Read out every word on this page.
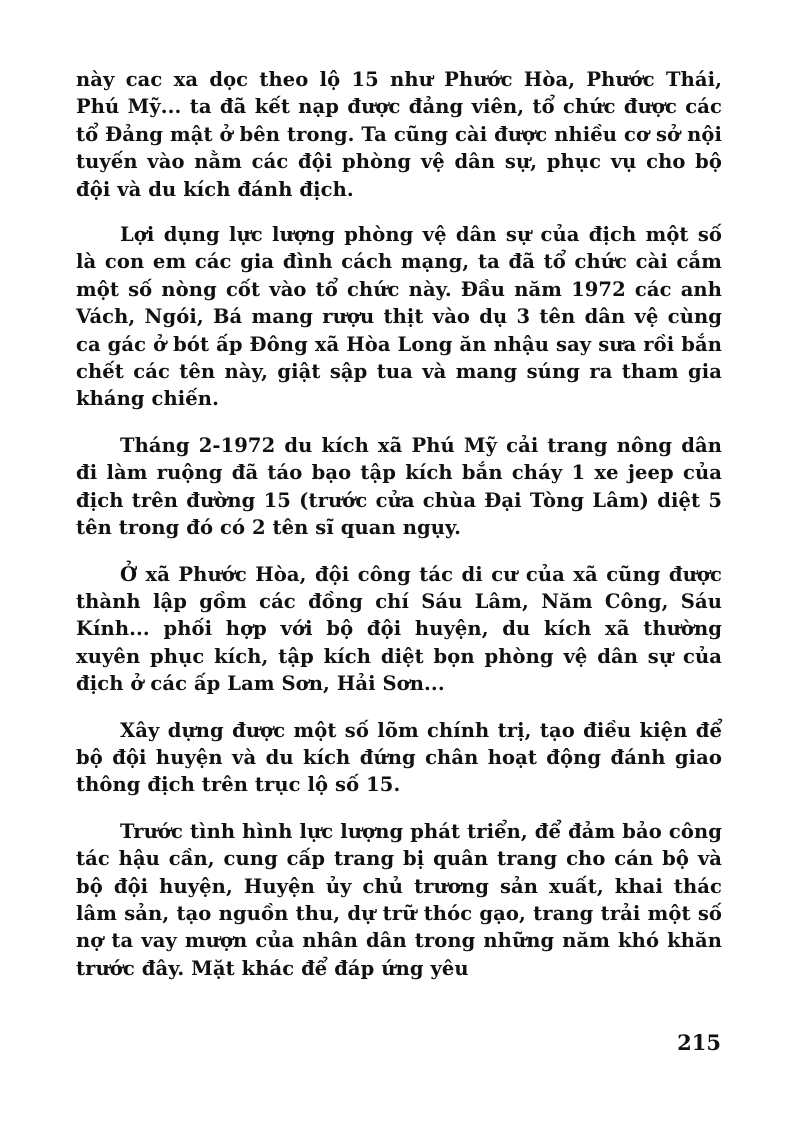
này cac xa dọc theo lộ 15 như Phước Hòa, Phước Thái, Phú Mỹ... ta đã kết nạp được đảng viên, tổ chức được các tổ Đảng mật ở bên trong. Ta cũng cài được nhiều cơ sở nội tuyến vào nằm các đội phòng vệ dân sự, phục vụ cho bộ đội và du kích đánh địch.

Lợi dụng lực lượng phòng vệ dân sự của địch một số là con em các gia đình cách mạng, ta đã tổ chức cài cắm một số nòng cốt vào tổ chức này. Đầu năm 1972 các anh Vách, Ngói, Bá mang rượu thịt vào dụ 3 tên dân vệ cùng ca gác ở bót ấp Đông xã Hòa Long ăn nhậu say sưa rồi bắn chết các tên này, giật sập tua và mang súng ra tham gia kháng chiến.

Tháng 2-1972 du kích xã Phú Mỹ cải trang nông dân đi làm ruộng đã táo bạo tập kích bắn cháy 1 xe jeep của địch trên đường 15 (trước cửa chùa Đại Tòng Lâm) diệt 5 tên trong đó có 2 tên sĩ quan ngụy.

Ở xã Phước Hòa, đội công tác di cư của xã cũng được thành lập gồm các đồng chí Sáu Lâm, Năm Công, Sáu Kính... phối hợp với bộ đội huyện, du kích xã thường xuyên phục kích, tập kích diệt bọn phòng vệ dân sự của địch ở các ấp Lam Sơn, Hải Sơn...

Xây dựng được một số lõm chính trị, tạo điều kiện để bộ đội huyện và du kích đứng chân hoạt động đánh giao thông địch trên trục lộ số 15.

Trước tình hình lực lượng phát triển, để đảm bảo công tác hậu cần, cung cấp trang bị quân trang cho cán bộ và bộ đội huyện, Huyện ủy chủ trương sản xuất, khai thác lâm sản, tạo nguồn thu, dự trữ thóc gạo, trang trải một số nợ ta vay mượn của nhân dân trong những năm khó khăn trước đây. Mặt khác để đáp ứng yêu

215
